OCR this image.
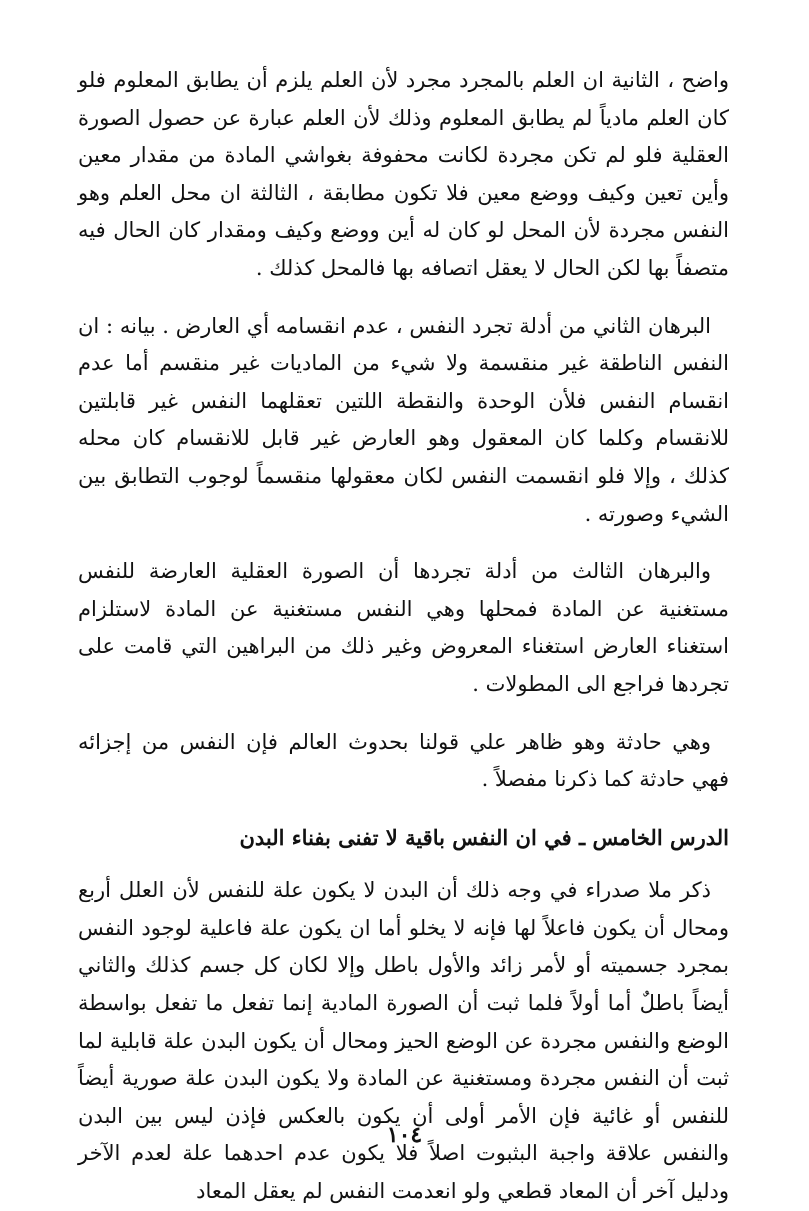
واضح ، الثانية ان العلم بالمجرد مجرد لأن العلم يلزم أن يطابق المعلوم فلو كان العلم مادياً لم يطابق المعلوم وذلك لأن العلم عبارة عن حصول الصورة العقلية فلو لم تكن مجردة لكانت محفوفة بغواشي المادة من مقدار معين وأين تعين وكيف ووضع معين فلا تكون مطابقة ، الثالثة ان محل العلم وهو النفس مجردة لأن المحل لو كان له أين ووضع وكيف ومقدار كان الحال فيه متصفاً بها لكن الحال لا يعقل اتصافه بها فالمحل كذلك .

البرهان الثاني من أدلة تجرد النفس ، عدم انقسامه أي العارض . بيانه : ان النفس الناطقة غير منقسمة ولا شيء من الماديات غير منقسم أما عدم انقسام النفس فلأن الوحدة والنقطة اللتين تعقلهما النفس غير قابلتين للانقسام وكلما كان المعقول وهو العارض غير قابل للانقسام كان محله كذلك ، وإلا فلو انقسمت النفس لكان معقولها منقسماً لوجوب التطابق بين الشيء وصورته .

والبرهان الثالث من أدلة تجردها أن الصورة العقلية العارضة للنفس مستغنية عن المادة فمحلها وهي النفس مستغنية عن المادة لاستلزام استغناء العارض استغناء المعروض وغير ذلك من البراهين التي قامت على تجردها فراجع الى المطولات .

وهي حادثة وهو ظاهر علي قولنا بحدوث العالم فإن النفس من إجزائه فهي حادثة كما ذكرنا مفصلاً .

الدرس الخامس ـ في ان النفس باقية لا تفنى بفناء البدن

ذكر ملا صدراء في وجه ذلك أن البدن لا يكون علة للنفس لأن العلل أربع ومحال أن يكون فاعلاً لها فإنه لا يخلو أما ان يكون علة فاعلية لوجود النفس بمجرد جسميته أو لأمر زائد والأول باطل وإلا لكان كل جسم كذلك والثاني أيضاً باطلٌ أما أولاً فلما ثبت أن الصورة المادية إنما تفعل ما تفعل بواسطة الوضع والنفس مجردة عن الوضع الحيز ومحال أن يكون البدن علة قابلية لما ثبت أن النفس مجردة ومستغنية عن المادة ولا يكون البدن علة صورية أيضاً للنفس أو غائية فإن الأمر أولى أن يكون بالعكس فإذن ليس بين البدن والنفس علاقة واجبة البثبوت اصلاً فلا يكون عدم احدهما علة لعدم الآخر ودليل آخر أن المعاد قطعي ولو انعدمت النفس لم يعقل المعاد

١٠٤
